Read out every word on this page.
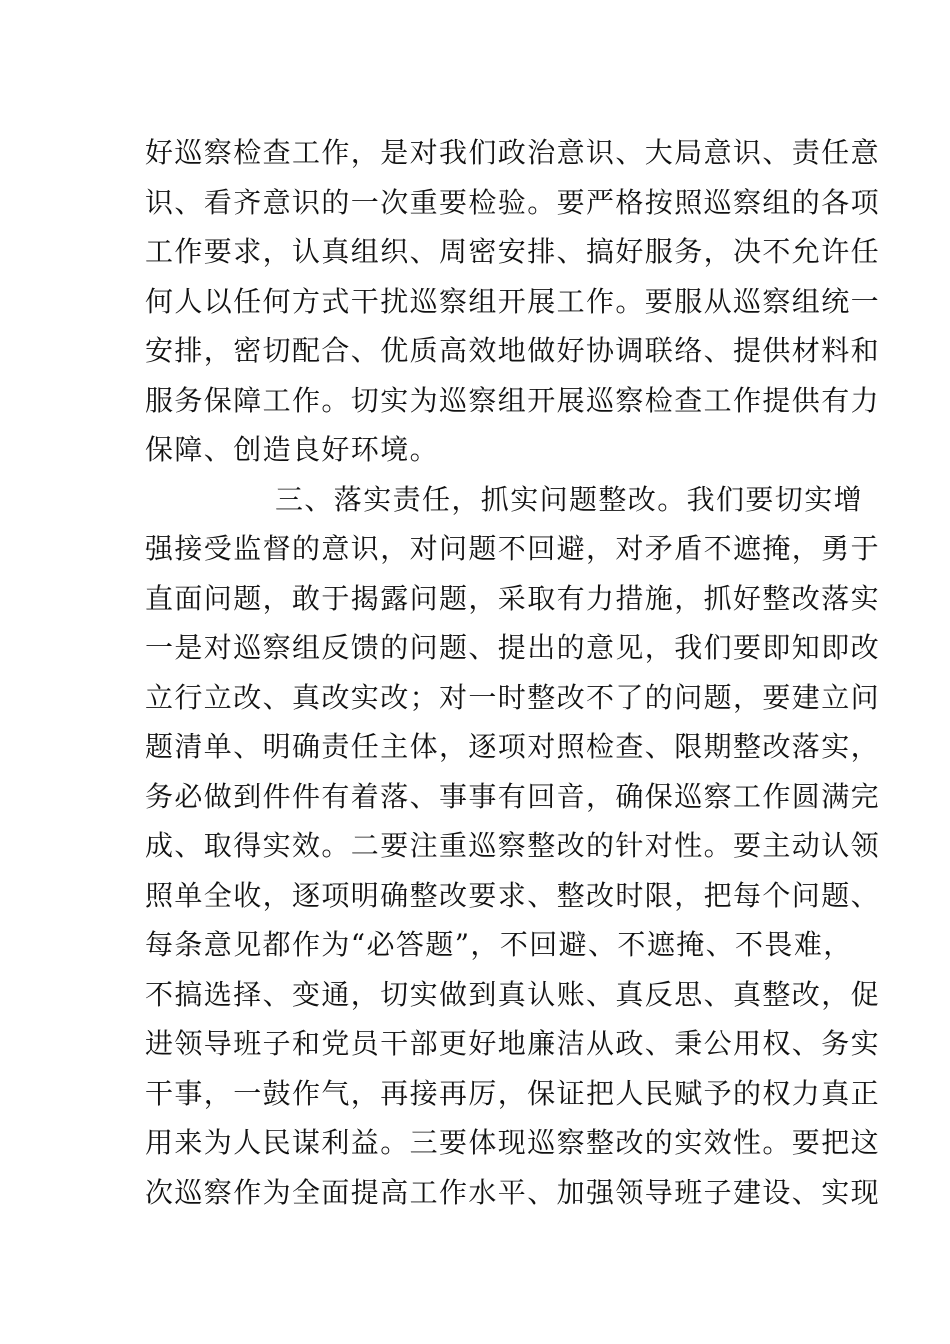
好巡察检查工作，是对我们政治意识、大局意识、责任意
识、看齐意识的一次重要检验。要严格按照巡察组的各项
工作要求，认真组织、周密安排、搞好服务，决不允许任
何人以任何方式干扰巡察组开展工作。要服从巡察组统一
安排，密切配合、优质高效地做好协调联络、提供材料和
服务保障工作。切实为巡察组开展巡察检查工作提供有力
保障、创造良好环境。
三、落实责任，抓实问题整改。我们要切实增
强接受监督的意识，对问题不回避，对矛盾不遮掩，勇于
直面问题，敢于揭露问题，采取有力措施，抓好整改落实
一是对巡察组反馈的问题、提出的意见，我们要即知即改
立行立改、真改实改；对一时整改不了的问题，要建立问
题清单、明确责任主体，逐项对照检查、限期整改落实，
务必做到件件有着落、事事有回音，确保巡察工作圆满完
成、取得实效。二要注重巡察整改的针对性。要主动认领
照单全收，逐项明确整改要求、整改时限，把每个问题、
每条意见都作为“必答题”，不回避、不遮掩、不畏难，
不搞选择、变通，切实做到真认账、真反思、真整改，促
进领导班子和党员干部更好地廉洁从政、秉公用权、务实
干事，一鼓作气，再接再厉，保证把人民赋予的权力真正
用来为人民谋利益。三要体现巡察整改的实效性。要把这
次巡察作为全面提高工作水平、加强领导班子建设、实现
